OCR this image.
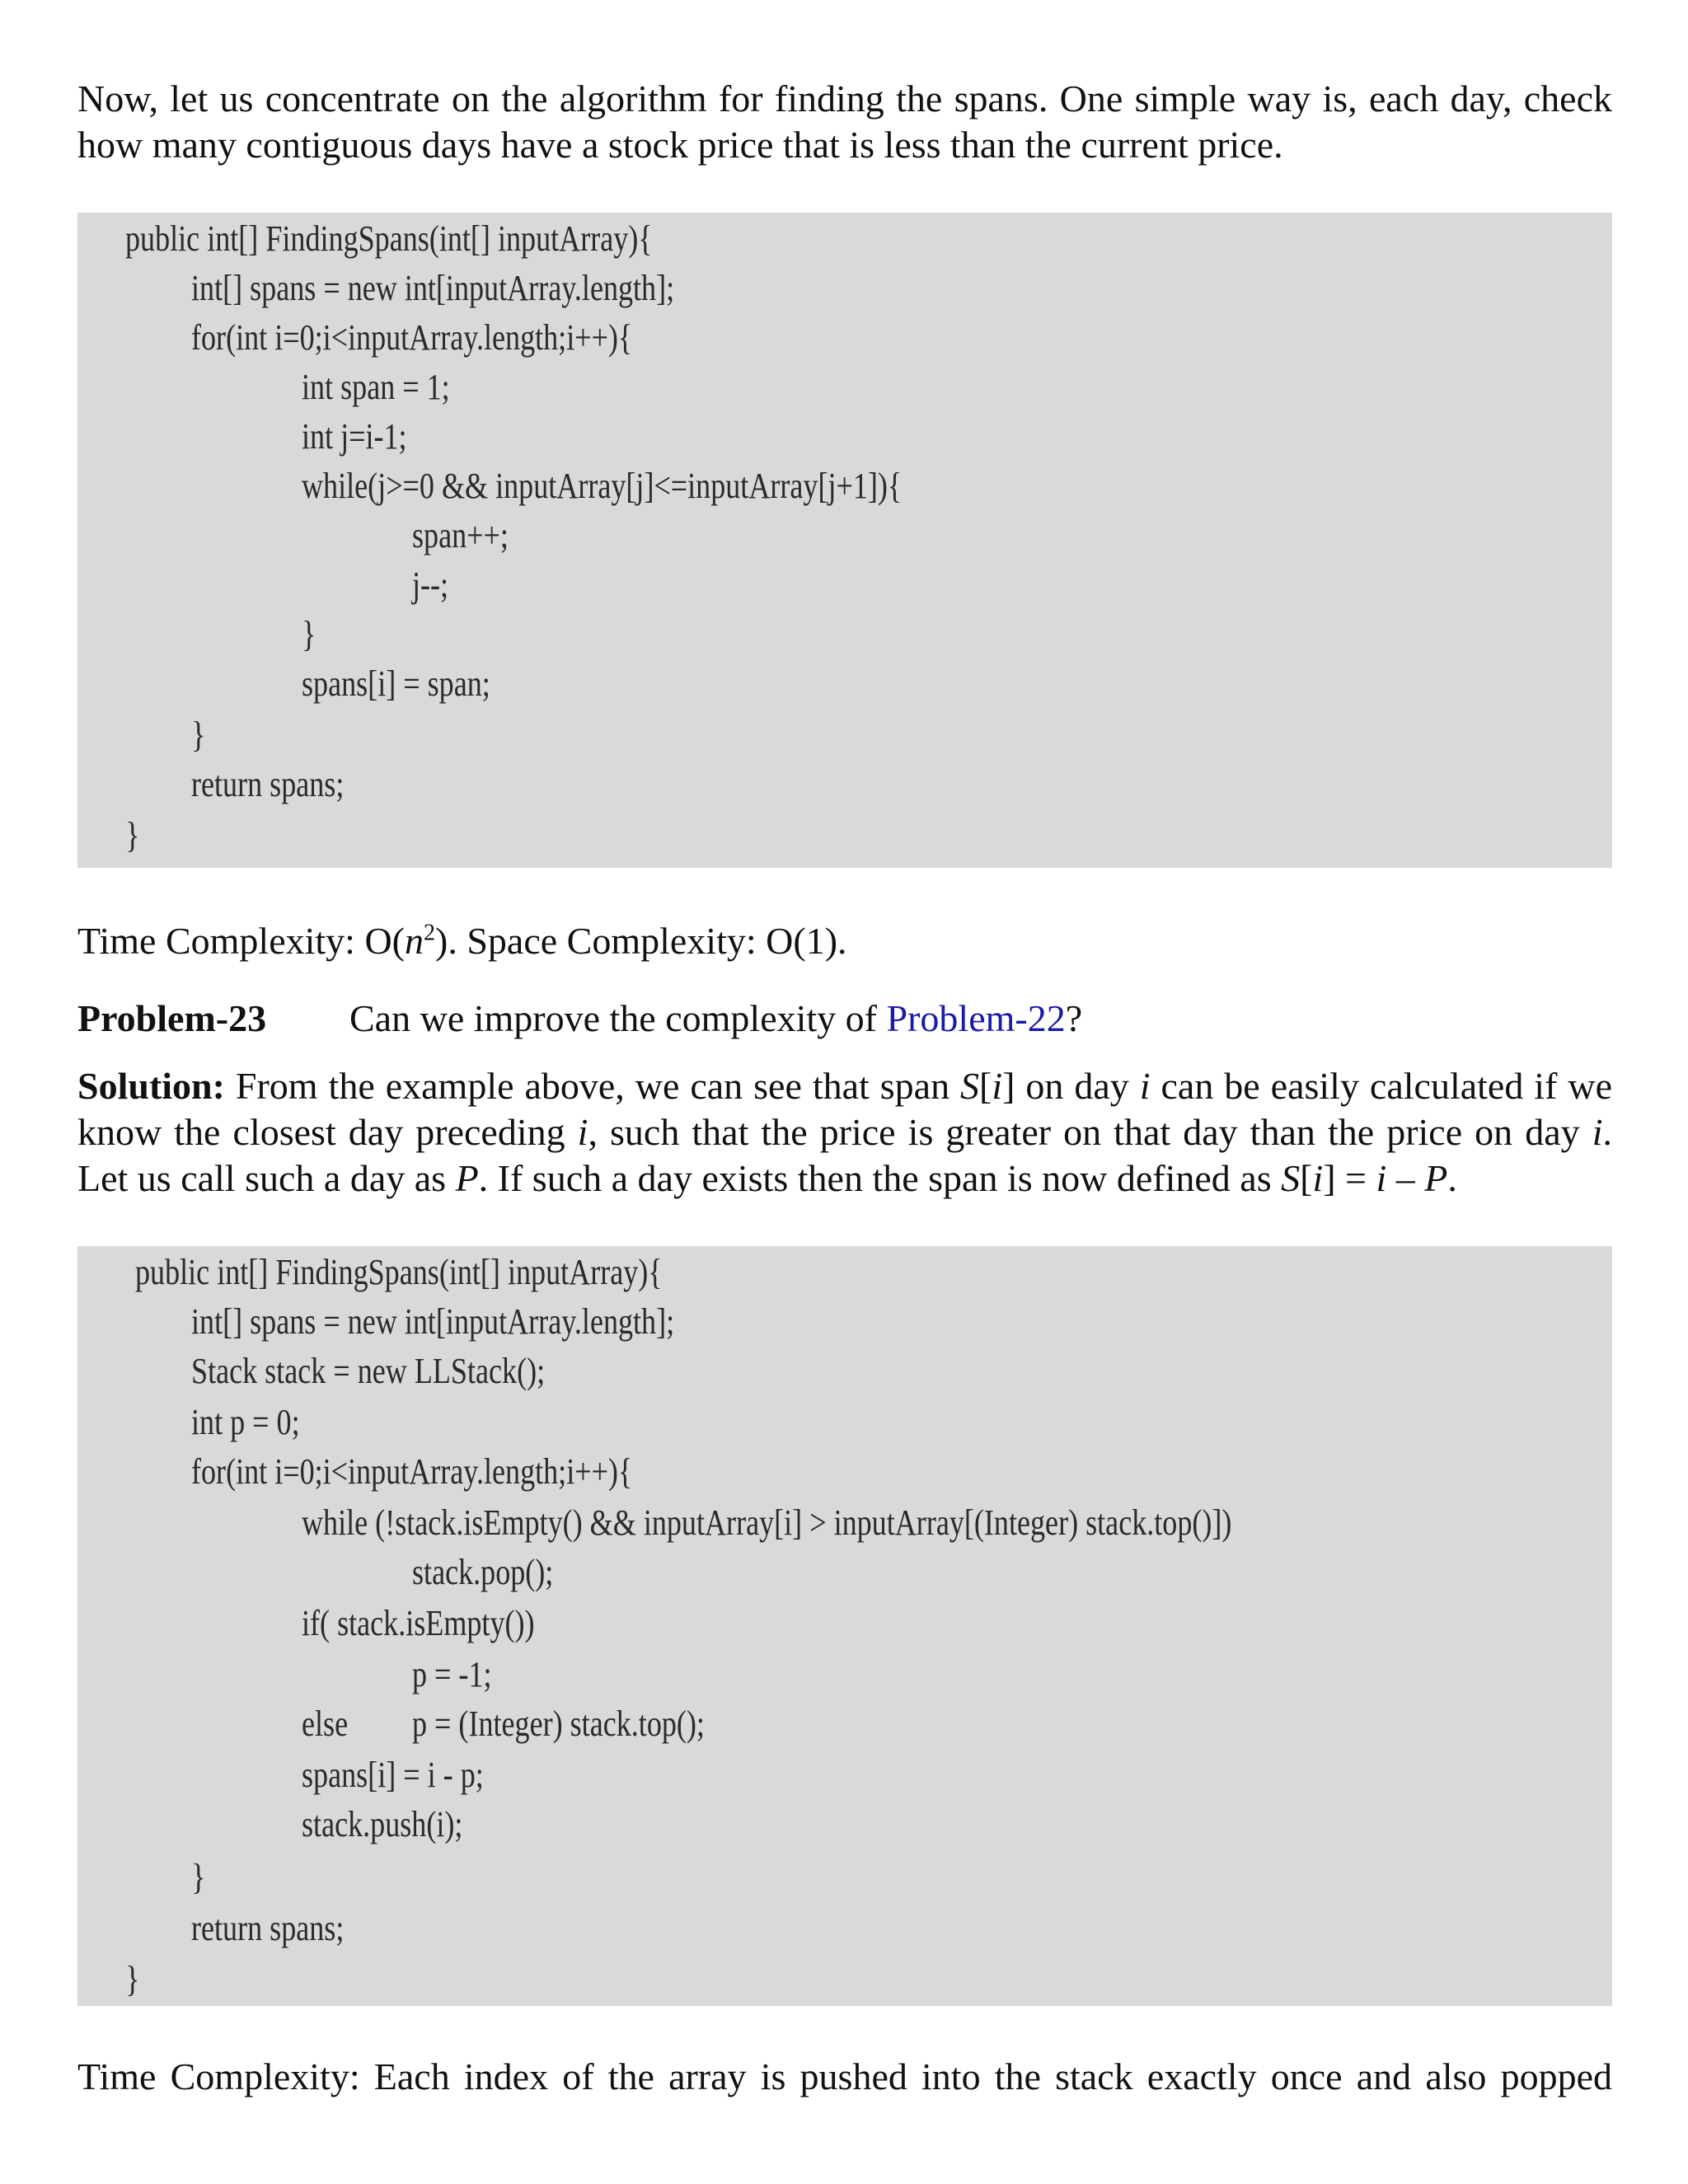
Now, let us concentrate on the algorithm for finding the spans. One simple way is, each day, check how many contiguous days have a stock price that is less than the current price.

public int[] FindingSpans(int[] inputArray){
int[] spans = new int[inputArray.length];
for(int i=0;i<inputArray.length;i++){
int span = 1;
int j=i-1;
while(j>=0 && inputArray[j]<=inputArray[j+1]){
span++;
j--;
}
spans[i] = span;
}
return spans;
}

Time Complexity: $O(n^2)$. Space Complexity: O(1).

Problem-23 Can we improve the complexity of Problem-22?

Solution: From the example above, we can see that span S[i] on day i can be easily calculated if we know the closest day preceding i, such that the price is greater on that day than the price on day i. Let us call such a day as P. If such a day exists then the span is now defined as S[i] = i – P.

public int[] FindingSpans(int[] inputArray){
int[] spans = new int[inputArray.length];
Stack stack = new LLStack();
int p = 0;
for(int i=0;i<inputArray.length;i++){
while (!stack.isEmpty() && inputArray[i] > inputArray[(Integer) stack.top()])
stack.pop();
if( stack.isEmpty())
p = -1;
else p = (Integer) stack.top();
spans[i] = i - p;
stack.push(i);
}
return spans;
}

Time Complexity: Each index of the array is pushed into the stack exactly once and also popped
